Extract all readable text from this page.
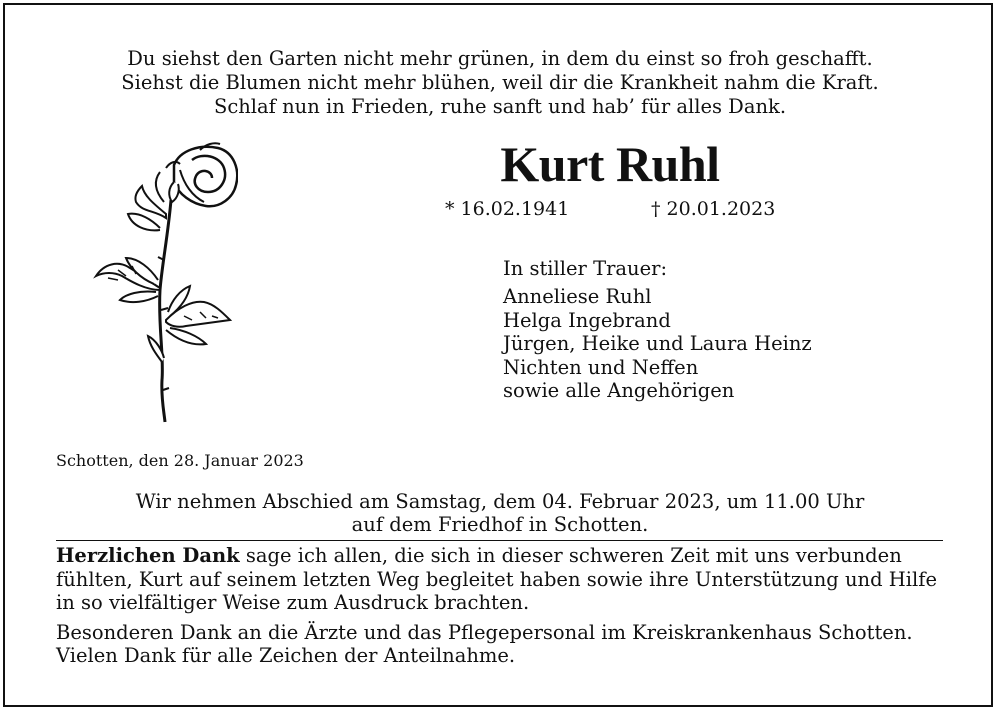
Du siehst den Garten nicht mehr grünen, in dem du einst so froh geschafft.
Siehst die Blumen nicht mehr blühen, weil dir die Krankheit nahm die Kraft.
Schlaf nun in Frieden, ruhe sanft und hab’ für alles Dank.
Kurt Ruhl
* 16.02.1941	† 20.01.2023
In stiller Trauer:
Anneliese Ruhl
Helga Ingebrand
Jürgen, Heike und Laura Heinz
Nichten und Neffen
sowie alle Angehörigen
Schotten, den 28. Januar 2023
Wir nehmen Abschied am Samstag, dem 04. Februar 2023, um 11.00 Uhr
auf dem Friedhof in Schotten.

Herzlichen Dank sage ich allen, die sich in dieser schweren Zeit mit uns verbunden fühlten, Kurt auf seinem letzten Weg begleitet haben sowie ihre Unterstützung und Hilfe in so vielfältiger Weise zum Ausdruck brachten.

Besonderen Dank an die Ärzte und das Pflegepersonal im Kreiskrankenhaus Schotten. Vielen Dank für alle Zeichen der Anteilnahme.
